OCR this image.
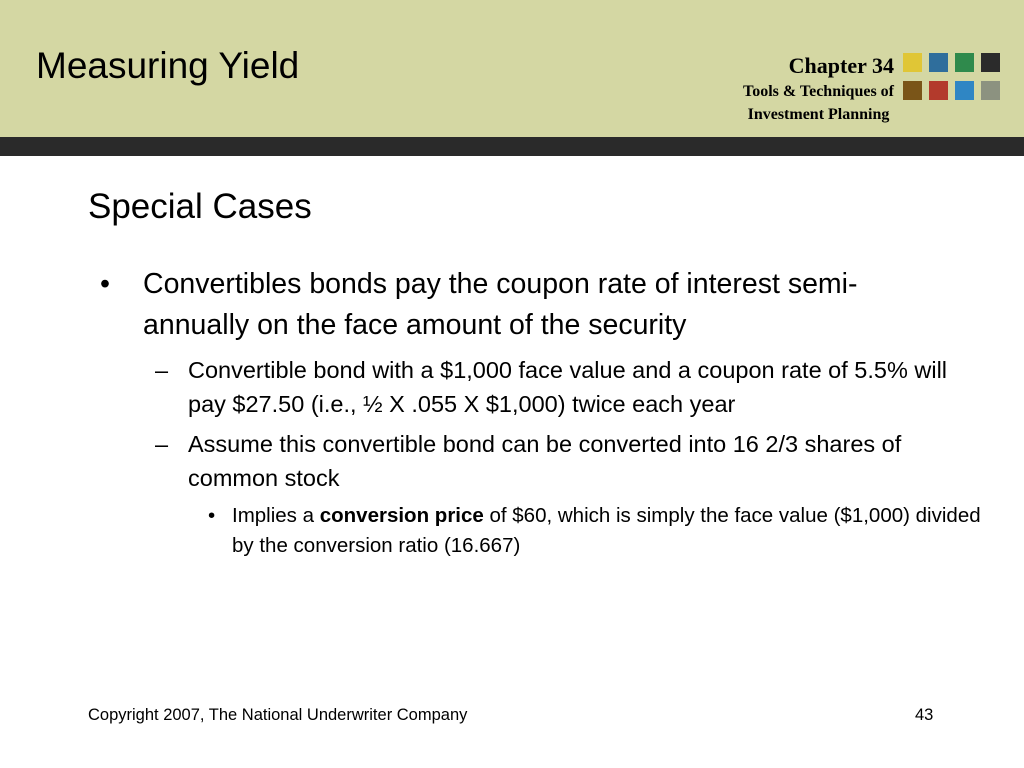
Measuring Yield	Chapter 34
Tools & Techniques of
Investment Planning
Special Cases
• Convertibles bonds pay the coupon rate of interest semi-annually on the face amount of the security
– Convertible bond with a $1,000 face value and a coupon rate of 5.5% will pay $27.50 (i.e., ½ X .055 X $1,000) twice each year
– Assume this convertible bond can be converted into 16 2/3 shares of common stock
• Implies a conversion price of $60, which is simply the face value ($1,000) divided by the conversion ratio (16.667)
Copyright 2007, The National Underwriter Company	43
